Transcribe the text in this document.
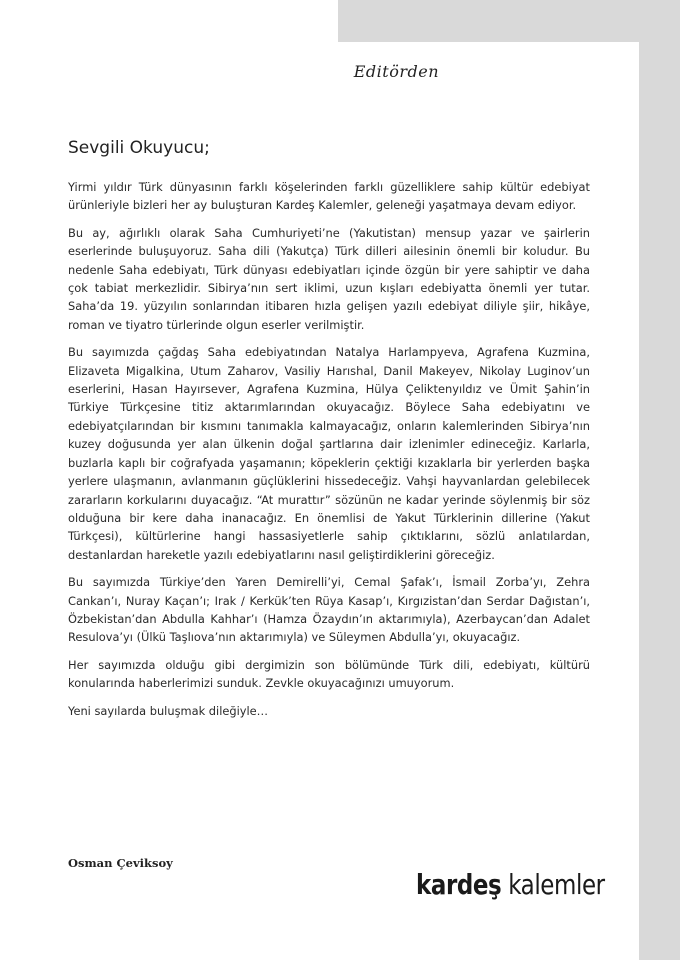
Editörden
Sevgili Okuyucu;

Yirmi yıldır Türk dünyasının farklı köşelerinden farklı güzelliklere sahip kültür edebiyat ürünleriyle bizleri her ay buluşturan Kardeş Kalemler, geleneği yaşatmaya devam ediyor.

Bu ay, ağırlıklı olarak Saha Cumhuriyeti’ne (Yakutistan) mensup yazar ve şairlerin eserlerinde buluşuyoruz. Saha dili (Yakutça) Türk dilleri ailesinin önemli bir koludur. Bu nedenle Saha edebiyatı, Türk dünyası edebiyatları içinde özgün bir yere sahiptir ve daha çok tabiat merkezlidir. Sibirya’nın sert iklimi, uzun kışları edebiyatta önemli yer tutar. Saha’da 19. yüzyılın sonlarından itibaren hızla gelişen yazılı edebiyat diliyle şiir, hikâye, roman ve tiyatro türlerinde olgun eserler verilmiştir.

Bu sayımızda çağdaş Saha edebiyatından Natalya Harlampyeva, Agrafena Kuzmina, Elizaveta Migalkina, Utum Zaharov, Vasiliy Harıshal, Danil Makeyev, Nikolay Luginov’un eserlerini, Hasan Hayırsever, Agrafena Kuzmina, Hülya Çeliktenyıldız ve Ümit Şahin’in Türkiye Türkçesine titiz aktarımlarından okuyacağız. Böylece Saha edebiyatını ve edebiyatçılarından bir kısmını tanımakla kalmayacağız, onların kalemlerinden Sibirya’nın kuzey doğusunda yer alan ülkenin doğal şartlarına dair izlenimler edineceğiz. Karlarla, buzlarla kaplı bir coğrafyada yaşamanın; köpeklerin çektiği kızaklarla bir yerlerden başka yerlere ulaşmanın, avlanmanın güçlüklerini hissedeceğiz. Vahşi hayvanlardan gelebilecek zararların korkularını duyacağız. “At murattır” sözünün ne kadar yerinde söylenmiş bir söz olduğuna bir kere daha inanacağız. En önemlisi de Yakut Türklerinin dillerine (Yakut Türkçesi), kültürlerine hangi hassasiyetlerle sahip çıktıklarını, sözlü anlatılardan, destanlardan hareketle yazılı edebiyatlarını nasıl geliştirdiklerini göreceğiz.

Bu sayımızda Türkiye’den Yaren Demirelli’yi, Cemal Şafak’ı, İsmail Zorba’yı, Zehra Cankan’ı, Nuray Kaçan’ı; Irak / Kerkük’ten Rüya Kasap’ı, Kırgızistan’dan Serdar Dağıstan’ı, Özbekistan’dan Abdulla Kahhar’ı (Hamza Özaydın’ın aktarımıyla), Azerbaycan’dan Adalet Resulova’yı (Ülkü Taşlıova’nın aktarımıyla) ve Süleymen Abdulla’yı, okuyacağız.

Her sayımızda olduğu gibi dergimizin son bölümünde Türk dili, edebiyatı, kültürü konularında haberlerimizi sunduk. Zevkle okuyacağınızı umuyorum.

Yeni sayılarda buluşmak dileğiyle…

Osman Çeviksoy
kardeş kalemler
